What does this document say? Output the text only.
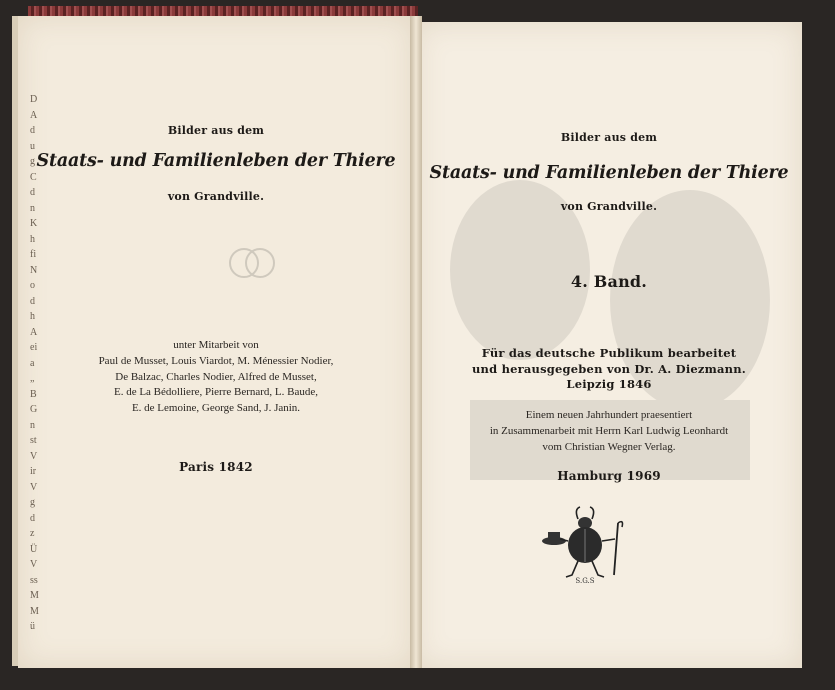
D
A
d
u
g
C
d
n
K
h
fi
N
o
d
h
A
ei
a
„
B
G
n
st
V
ir
V
g
d
z
Ü
V
ss
M
M
ü
Bilder aus dem
Staats- und Familienleben der Thiere
von Grandville.
unter Mitarbeit von
Paul de Musset, Louis Viardot, M. Ménessier Nodier,
De Balzac, Charles Nodier, Alfred de Musset,
E. de La Bédolliere, Pierre Bernard, L. Baude,
E. de Lemoine, George Sand, J. Janin.
Paris 1842
Bilder aus dem
Staats- und Familienleben der Thiere
von Grandville.
4. Band.
Für das deutsche Publikum bearbeitet
und herausgegeben von Dr. A. Diezmann.
Leipzig 1846
Einem neuen Jahrhundert praesentiert
in Zusammenarbeit mit Herrn Karl Ludwig Leonhardt
vom Christian Wegner Verlag.
Hamburg 1969
S.G.S
